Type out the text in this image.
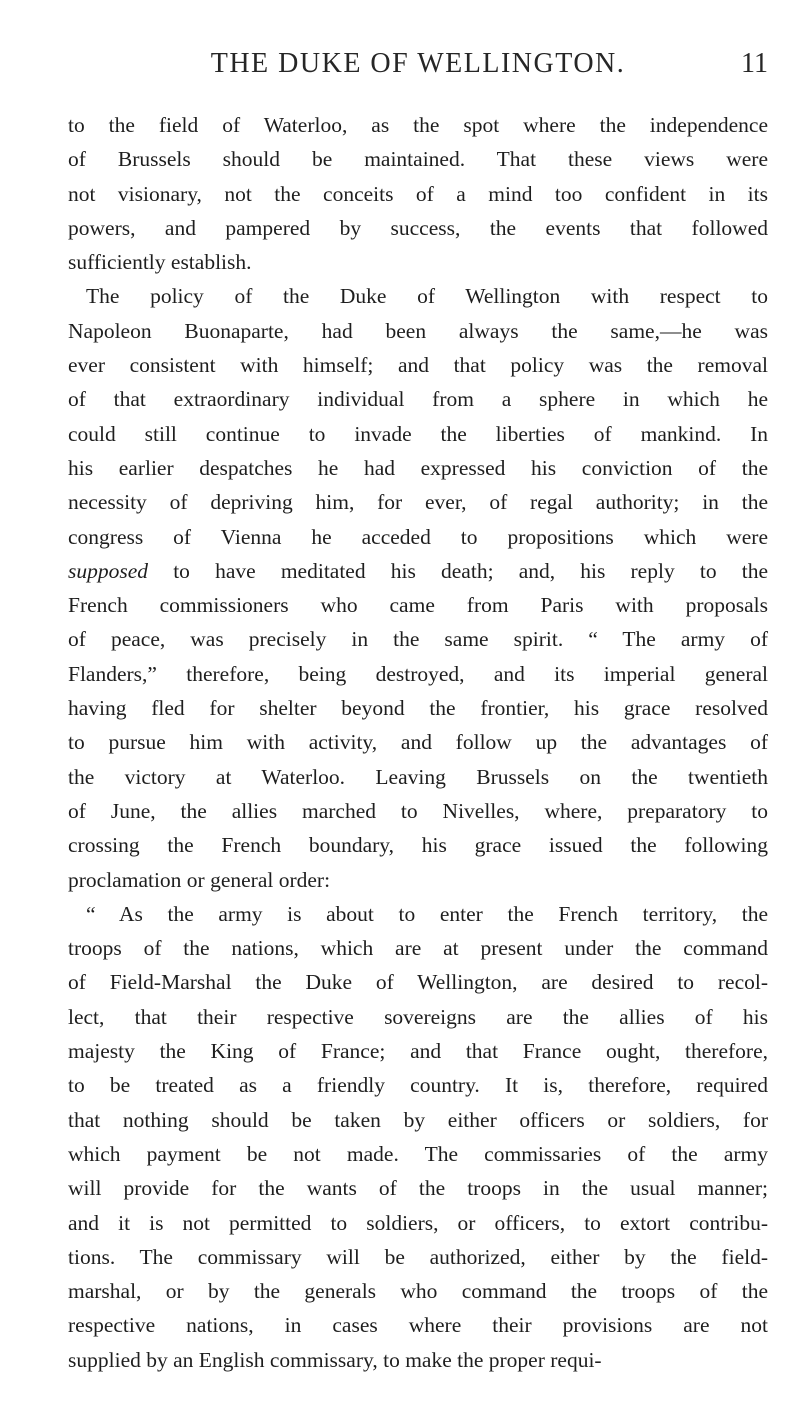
THE DUKE OF WELLINGTON.	11
to the field of Waterloo, as the spot where the independence
of Brussels should be maintained. That these views were
not visionary, not the conceits of a mind too confident in its
powers, and pampered by success, the events that followed
sufficiently establish.
The policy of the Duke of Wellington with respect to
Napoleon Buonaparte, had been always the same,—he was
ever consistent with himself; and that policy was the removal
of that extraordinary individual from a sphere in which he
could still continue to invade the liberties of mankind. In
his earlier despatches he had expressed his conviction of the
necessity of depriving him, for ever, of regal authority; in the
congress of Vienna he acceded to propositions which were
supposed to have meditated his death; and, his reply to the
French commissioners who came from Paris with proposals
of peace, was precisely in the same spirit. “ The army of
Flanders,” therefore, being destroyed, and its imperial general
having fled for shelter beyond the frontier, his grace resolved
to pursue him with activity, and follow up the advantages of
the victory at Waterloo. Leaving Brussels on the twentieth
of June, the allies marched to Nivelles, where, preparatory to
crossing the French boundary, his grace issued the following
proclamation or general order:
“ As the army is about to enter the French territory, the
troops of the nations, which are at present under the command
of Field-Marshal the Duke of Wellington, are desired to recol-
lect, that their respective sovereigns are the allies of his
majesty the King of France; and that France ought, therefore,
to be treated as a friendly country. It is, therefore, required
that nothing should be taken by either officers or soldiers, for
which payment be not made. The commissaries of the army
will provide for the wants of the troops in the usual manner;
and it is not permitted to soldiers, or officers, to extort contribu-
tions. The commissary will be authorized, either by the field-
marshal, or by the generals who command the troops of the
respective nations, in cases where their provisions are not
supplied by an English commissary, to make the proper requi-
